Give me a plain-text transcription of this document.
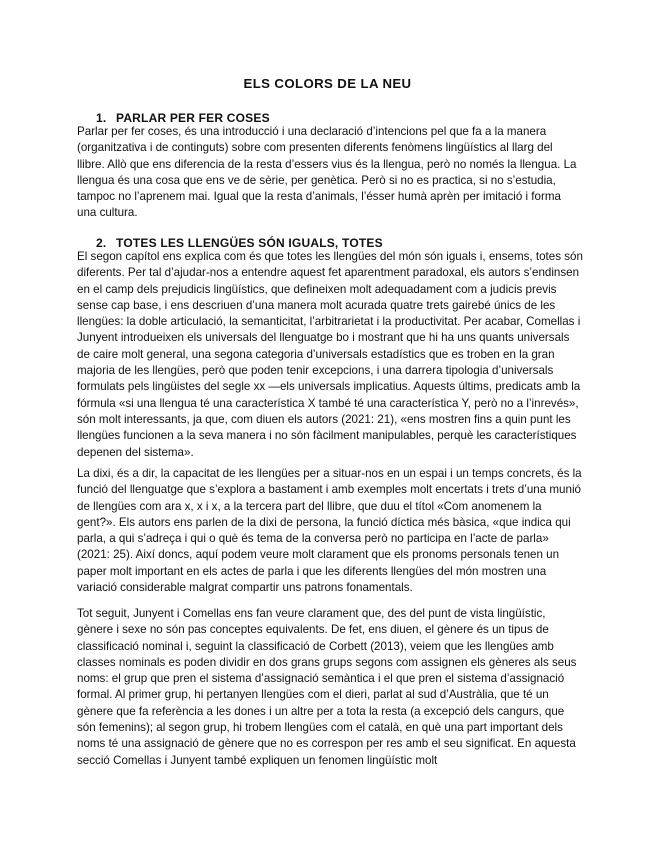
ELS COLORS DE LA NEU
1. PARLAR PER FER COSES

Parlar per fer coses, és una introducció i una declaració d’intencions pel que fa a la manera (organitzativa i de continguts) sobre com presenten diferents fenòmens lingüístics al llarg del llibre. Allò que ens diferencia de la resta d’essers vius és la llengua, però no només la llengua. La llengua és una cosa que ens ve de sèrie, per genètica. Però si no es practica, si no s’estudia, tampoc no l’aprenem mai. Igual que la resta d’animals, l’ésser humà aprèn per imitació i forma una cultura.

2. TOTES LES LLENGÜES SÓN IGUALS, TOTES

El segon capítol ens explica com és que totes les llengües del món són iguals i, ensems, totes són diferents. Per tal d’ajudar-nos a entendre aquest fet aparentment paradoxal, els autors s’endinsen en el camp dels prejudicis lingüístics, que defineixen molt adequadament com a judicis previs sense cap base, i ens descriuen d’una manera molt acurada quatre trets gairebé únics de les llengües: la doble articulació, la semanticitat, l’arbitrarietat i la productivitat. Per acabar, Comellas i Junyent introdueixen els universals del llenguatge bo i mostrant que hi ha uns quants universals de caire molt general, una segona categoria d’universals estadístics que es troben en la gran majoria de les llengües, però que poden tenir excepcions, i una darrera tipologia d’universals formulats pels lingüistes del segle xx —els universals implicatius. Aquests últims, predicats amb la fórmula «si una llengua té una característica X també té una característica Y, però no a l’inrevés», són molt interessants, ja que, com diuen els autors (2021: 21), «ens mostren fins a quin punt les llengües funcionen a la seva manera i no són fàcilment manipulables, perquè les característiques depenen del sistema».

La dixi, és a dir, la capacitat de les llengües per a situar-nos en un espai i un temps concrets, és la funció del llenguatge que s’explora a bastament i amb exemples molt encertats i trets d’una munió de llengües com ara x, x i x, a la tercera part del llibre, que duu el títol «Com anomenem la gent?». Els autors ens parlen de la dixi de persona, la funció díctica més bàsica, «que indica qui parla, a qui s’adreça i qui o què és tema de la conversa però no participa en l’acte de parla» (2021: 25). Així doncs, aquí podem veure molt clarament que els pronoms personals tenen un paper molt important en els actes de parla i que les diferents llengües del món mostren una variació considerable malgrat compartir uns patrons fonamentals.

Tot seguit, Junyent i Comellas ens fan veure clarament que, des del punt de vista lingüístic, gènere i sexe no són pas conceptes equivalents. De fet, ens diuen, el gènere és un tipus de classificació nominal i, seguint la classificació de Corbett (2013), veiem que les llengües amb classes nominals es poden dividir en dos grans grups segons com assignen els gèneres als seus noms: el grup que pren el sistema d’assignació semàntica i el que pren el sistema d’assignació formal. Al primer grup, hi pertanyen llengües com el dieri, parlat al sud d’Austràlia, que té un gènere que fa referència a les dones i un altre per a tota la resta (a excepció dels cangurs, que són femenins); al segon grup, hi trobem llengües com el català, en què una part important dels noms té una assignació de gènere que no es correspon per res amb el seu significat. En aquesta secció Comellas i Junyent també expliquen un fenomen lingüístic molt
